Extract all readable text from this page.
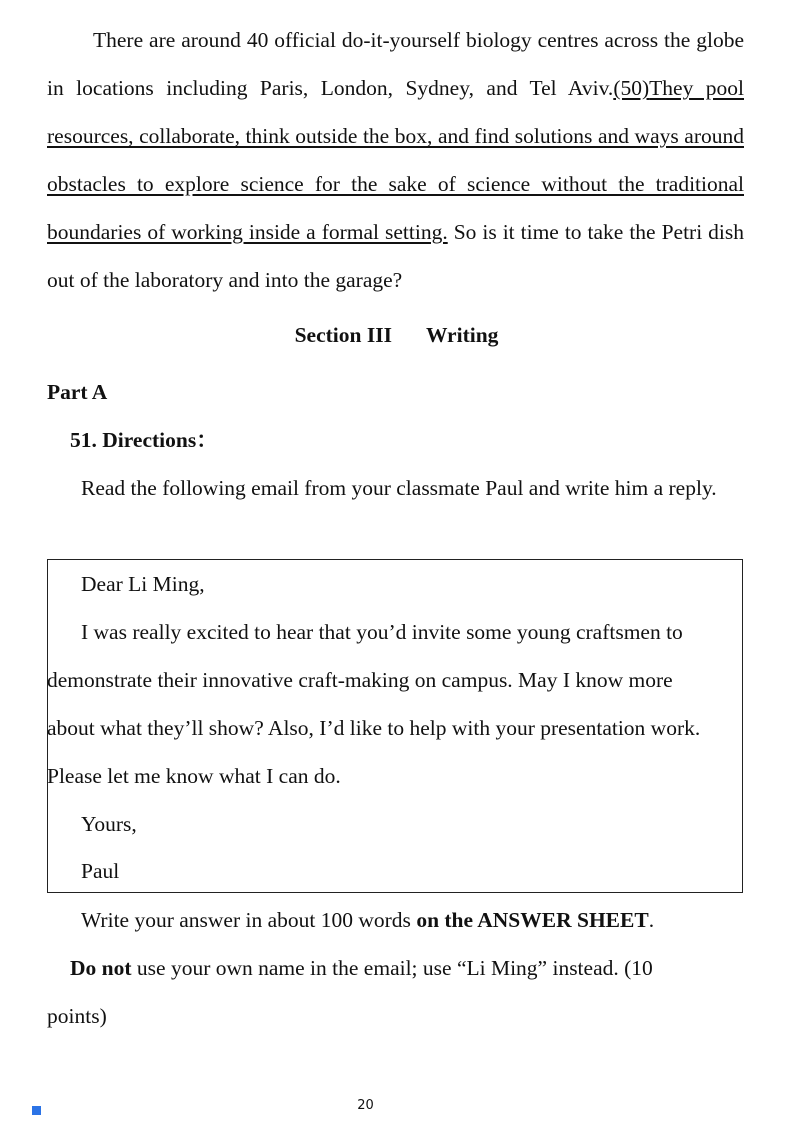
There are around 40 official do-it-yourself biology centres across the globe in locations including Paris, London, Sydney, and Tel Aviv.(50)They pool resources, collaborate, think outside the box, and find solutions and ways around obstacles to explore science for the sake of science without the traditional boundaries of working inside a formal setting. So is it time to take the Petri dish out of the laboratory and into the garage?

Section III Writing

Part A

51. Directions：

Read the following email from your classmate Paul and write him a reply.

Dear Li Ming,

I was really excited to hear that you’d invite some young craftsmen to

demonstrate their innovative craft-making on campus. May I know more

about what they’ll show? Also, I’d like to help with your presentation work.

Please let me know what I can do.

Yours,

Paul

Write your answer in about 100 words on the ANSWER SHEET.

Do not use your own name in the email; use “Li Ming” instead. (10

points)

20
